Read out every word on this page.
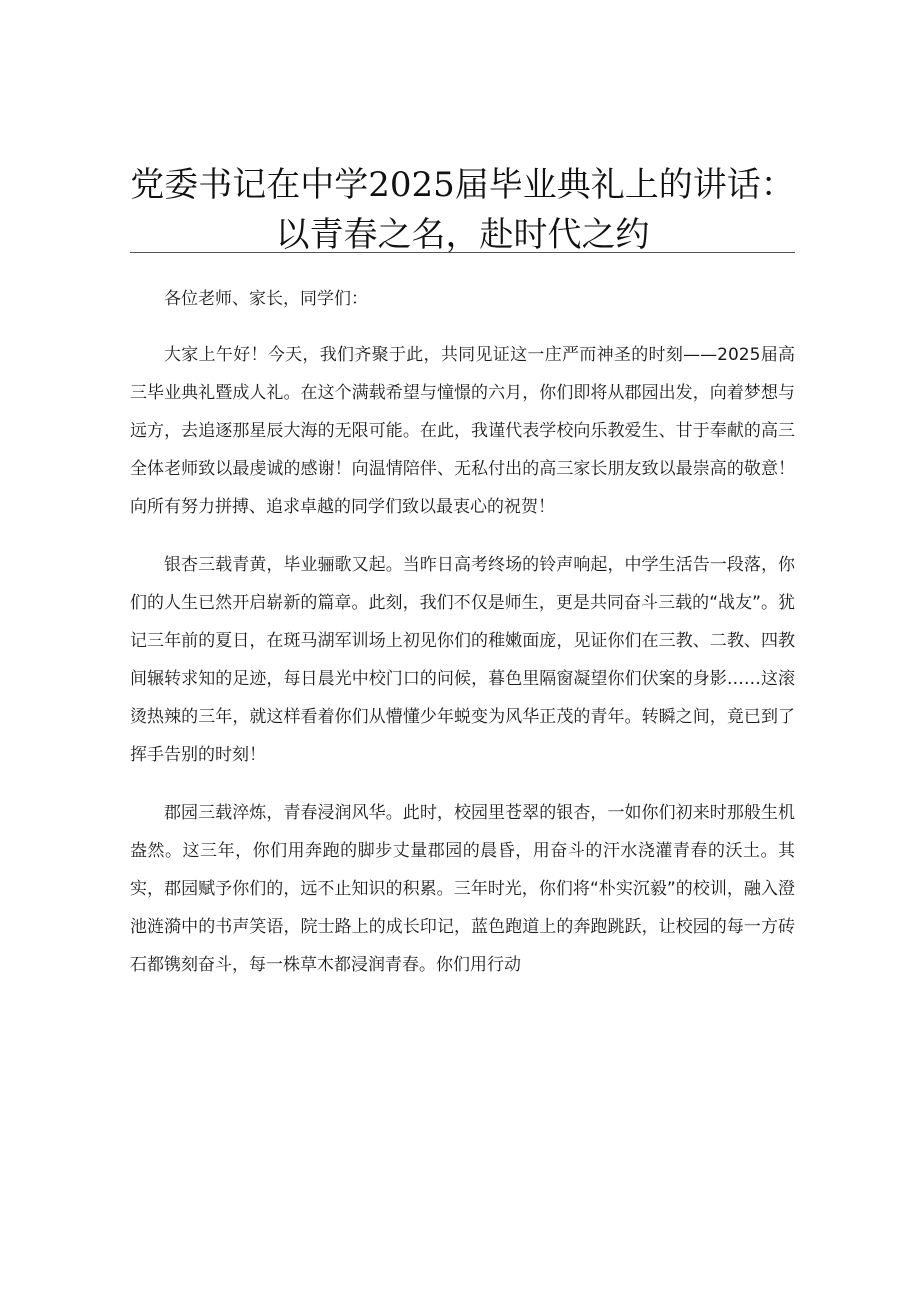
党委书记在中学2025届毕业典礼上的讲话：以青春之名，赴时代之约

各位老师、家长，同学们：

大家上午好！今天，我们齐聚于此，共同见证这一庄严而神圣的时刻——2025届高三毕业典礼暨成人礼。在这个满载希望与憧憬的六月，你们即将从郡园出发，向着梦想与远方，去追逐那星辰大海的无限可能。在此，我谨代表学校向乐教爱生、甘于奉献的高三全体老师致以最虔诚的感谢！向温情陪伴、无私付出的高三家长朋友致以最崇高的敬意！向所有努力拼搏、追求卓越的同学们致以最衷心的祝贺！

银杏三载青黄，毕业骊歌又起。当昨日高考终场的铃声响起，中学生活告一段落，你们的人生已然开启崭新的篇章。此刻，我们不仅是师生，更是共同奋斗三载的“战友”。犹记三年前的夏日，在斑马湖军训场上初见你们的稚嫩面庞，见证你们在三教、二教、四教间辗转求知的足迹，每日晨光中校门口的问候，暮色里隔窗凝望你们伏案的身影……这滚烫热辣的三年，就这样看着你们从懵懂少年蜕变为风华正茂的青年。转瞬之间，竟已到了挥手告别的时刻！

郡园三载淬炼，青春浸润风华。此时，校园里苍翠的银杏，一如你们初来时那般生机盎然。这三年，你们用奔跑的脚步丈量郡园的晨昏，用奋斗的汗水浇灌青春的沃土。其实，郡园赋予你们的，远不止知识的积累。三年时光，你们将“朴实沉毅”的校训，融入澄池涟漪中的书声笑语，院士路上的成长印记，蓝色跑道上的奔跑跳跃，让校园的每一方砖石都镌刻奋斗，每一株草木都浸润青春。你们用行动
